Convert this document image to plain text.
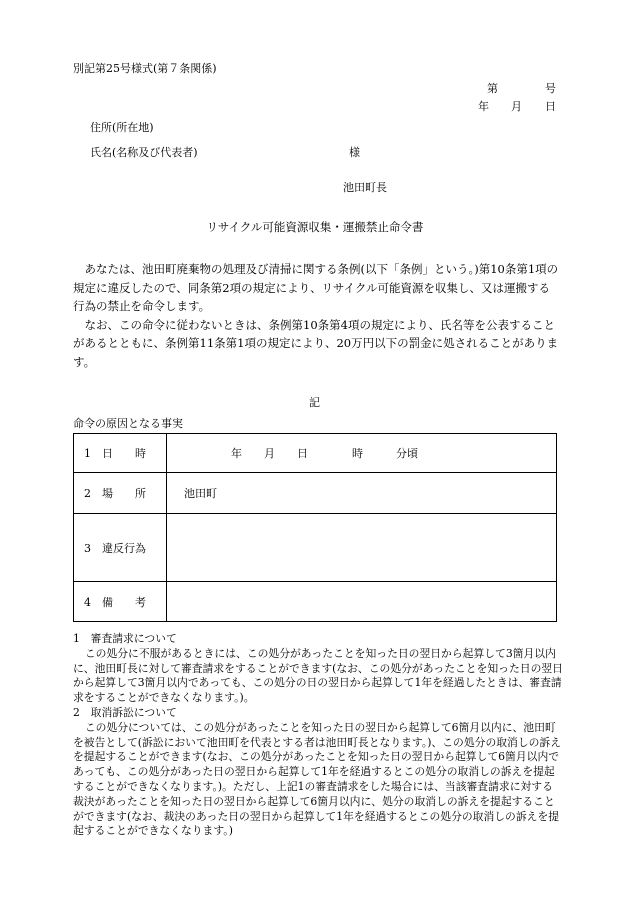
別記第25号様式(第７条関係)
第	号
年 月 日
住所(所在地)
氏名(名称及び代表者)	様
池田町長
リサイクル可能資源収集・運搬禁止命令書

あなたは、池田町廃棄物の処理及び清掃に関する条例(以下「条例」という。)第10条第1項の規定に違反したので、同条第2項の規定により、リサイクル可能資源を収集し、又は運搬する行為の禁止を命令します。

なお、この命令に従わないときは、条例第10条第4項の規定により、氏名等を公表することがあるとともに、条例第11条第1項の規定により、20万円以下の罰金に処されることがあります。

記
命令の原因となる事実
1　日　　時	年　　月　　日　　　　時　　　分頃
2　場　　所	池田町
3　違反行為	
4　備　　考	

1　審査請求について

この処分に不服があるときには、この処分があったことを知った日の翌日から起算して3箇月以内に、池田町長に対して審査請求をすることができます(なお、この処分があったことを知った日の翌日から起算して3箇月以内であっても、この処分の日の翌日から起算して1年を経過したときは、審査請求をすることができなくなります。)。

2　取消訴訟について

この処分については、この処分があったことを知った日の翌日から起算して6箇月以内に、池田町を被告として(訴訟において池田町を代表とする者は池田町長となります。)、この処分の取消しの訴えを提起することができます(なお、この処分があったことを知った日の翌日から起算して6箇月以内であっても、この処分があった日の翌日から起算して1年を経過するとこの処分の取消しの訴えを提起することができなくなります。)。ただし、上記1の審査請求をした場合には、当該審査請求に対する裁決があったことを知った日の翌日から起算して6箇月以内に、処分の取消しの訴えを提起することができます(なお、裁決のあった日の翌日から起算して1年を経過するとこの処分の取消しの訴えを提起することができなくなります。)
